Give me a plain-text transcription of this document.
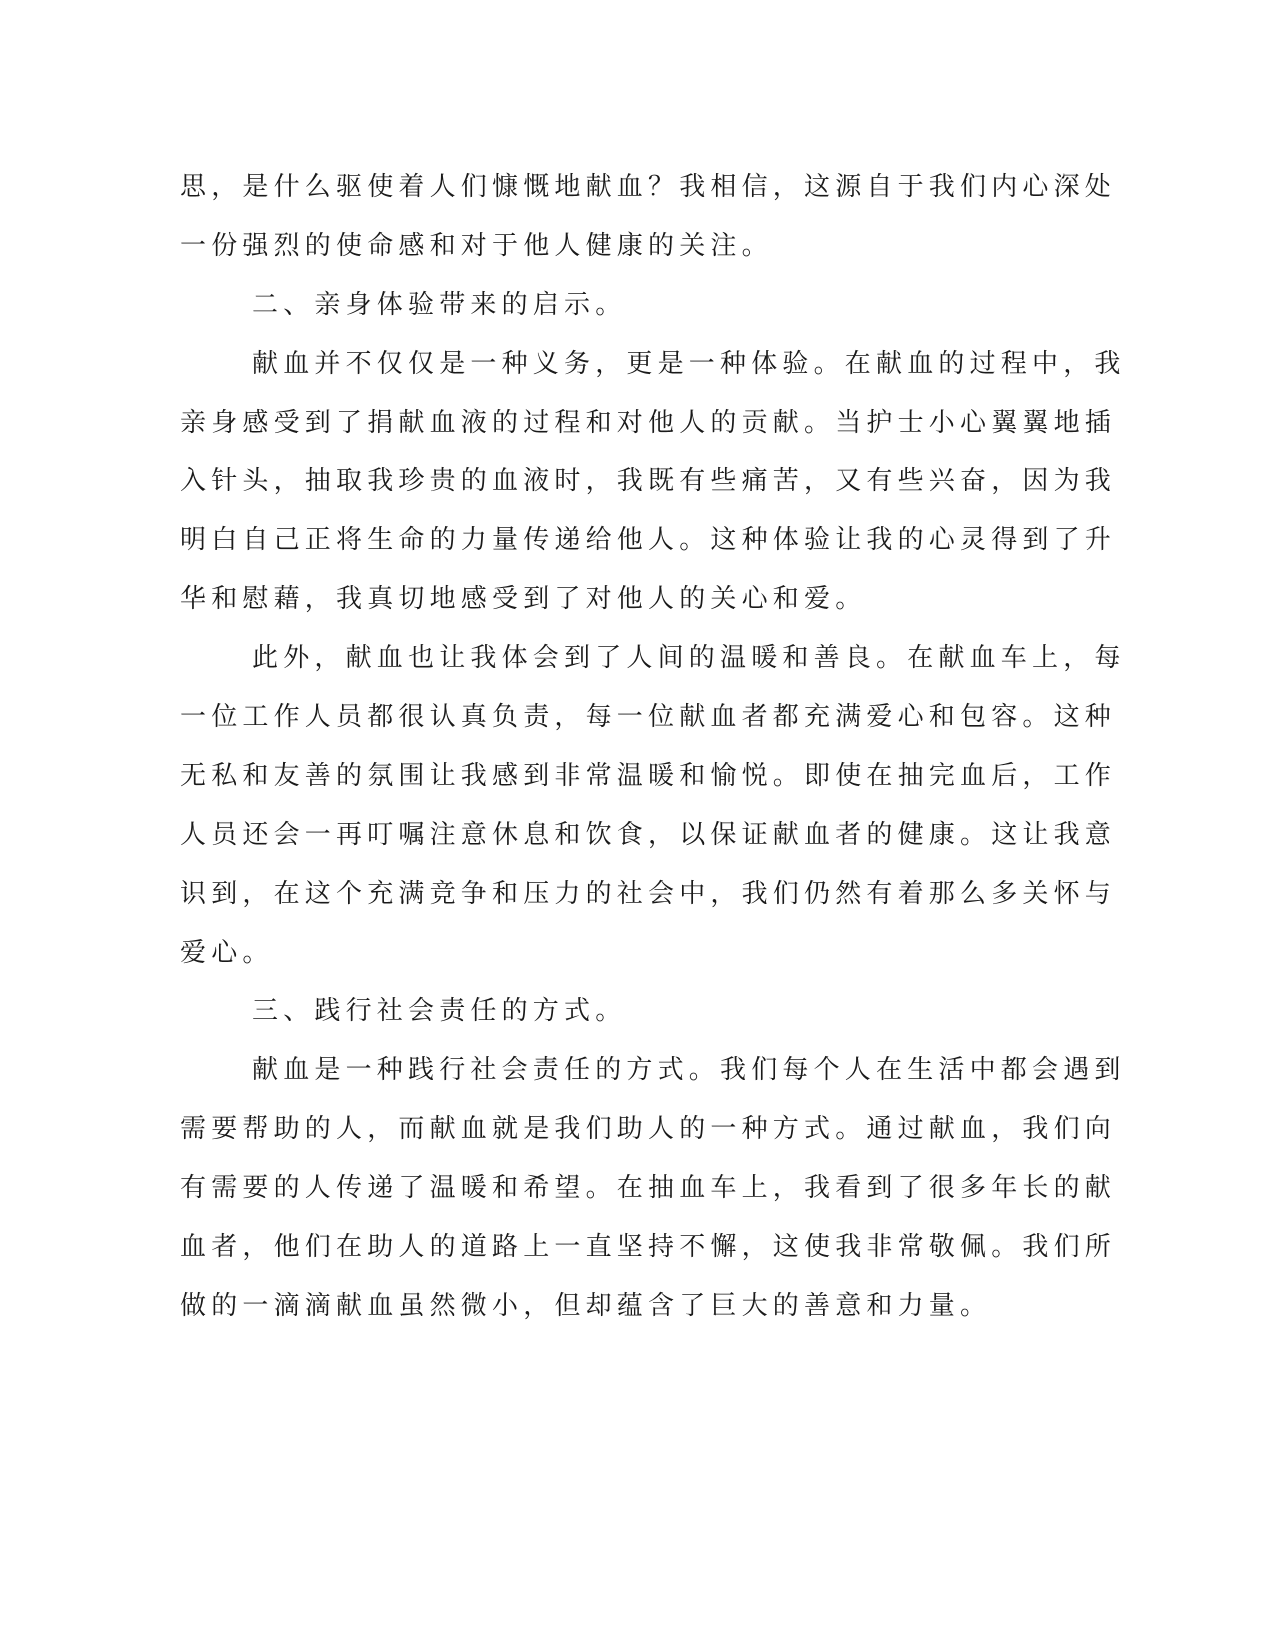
思，是什么驱使着人们慷慨地献血？我相信，这源自于我们内心深处
一份强烈的使命感和对于他人健康的关注。
二、亲身体验带来的启示。
献血并不仅仅是一种义务，更是一种体验。在献血的过程中，我
亲身感受到了捐献血液的过程和对他人的贡献。当护士小心翼翼地插
入针头，抽取我珍贵的血液时，我既有些痛苦，又有些兴奋，因为我
明白自己正将生命的力量传递给他人。这种体验让我的心灵得到了升
华和慰藉，我真切地感受到了对他人的关心和爱。
此外，献血也让我体会到了人间的温暖和善良。在献血车上，每
一位工作人员都很认真负责，每一位献血者都充满爱心和包容。这种
无私和友善的氛围让我感到非常温暖和愉悦。即使在抽完血后，工作
人员还会一再叮嘱注意休息和饮食，以保证献血者的健康。这让我意
识到，在这个充满竞争和压力的社会中，我们仍然有着那么多关怀与
爱心。
三、践行社会责任的方式。
献血是一种践行社会责任的方式。我们每个人在生活中都会遇到
需要帮助的人，而献血就是我们助人的一种方式。通过献血，我们向
有需要的人传递了温暖和希望。在抽血车上，我看到了很多年长的献
血者，他们在助人的道路上一直坚持不懈，这使我非常敬佩。我们所
做的一滴滴献血虽然微小，但却蕴含了巨大的善意和力量。
